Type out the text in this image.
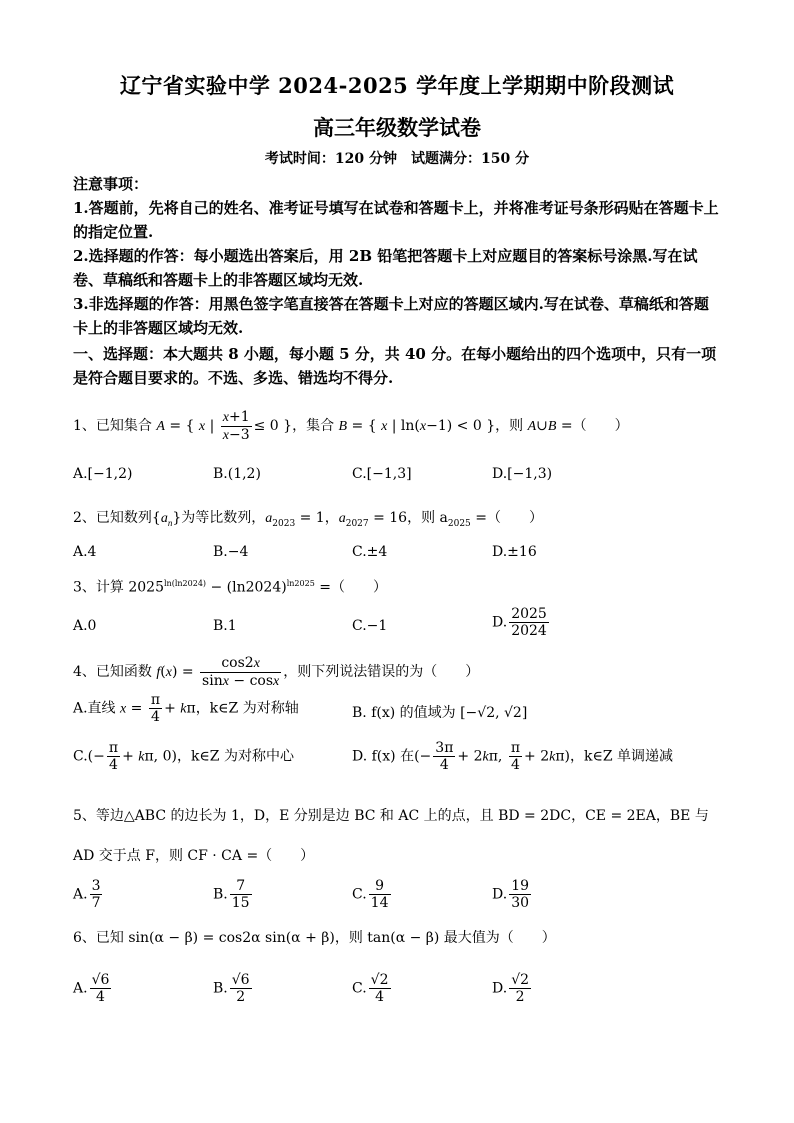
辽宁省实验中学 2024-2025 学年度上学期期中阶段测试
高三年级数学试卷
考试时间：120 分钟　试题满分：150 分
注意事项：
1.答题前，先将自己的姓名、准考证号填写在试卷和答题卡上，并将准考证号条形码贴在答题卡上的指定位置.
2.选择题的作答：每小题选出答案后，用 2B 铅笔把答题卡上对应题目的答案标号涂黑.写在试卷、草稿纸和答题卡上的非答题区域均无效.
3.非选择题的作答：用黑色签字笔直接答在答题卡上对应的答题区域内.写在试卷、草稿纸和答题卡上的非答题区域均无效.
一、选择题：本大题共 8 小题，每小题 5 分，共 40 分。在每小题给出的四个选项中，只有一项是符合题目要求的。不选、多选、错选均不得分.
1、已知集合 A = { x | $\frac{x+1}{x-3} \le 0$ }，集合 B = { x | ln(x−1) < 0 }，则 A∪B =（　　）
A.[−1,2)	B.(1,2)	C.[−1,3]	D.[−1,3)
2、已知数列$\{a_n\}$为等比数列，$a_{2023} = 1$，$a_{2027} = 16$，则 $a_{2025}$ =（　　）
A.4	B.−4	C.±4	D.±16
3、计算 $2025^{ln(ln2024)} - (\ln 2024)^{ln2025}$ =（　　）
A.0	B.1	C.−1	D. $\frac{2025}{2024}$
4、已知函数 $f(x) = \frac{\cos 2x}{\sin x - \cos x}$ ，则下列说法错误的为（　　）
A.直线 $x = \frac{\pi}{4} + k\pi$，k∈Z 为对称轴	B. f(x) 的值域为 [−√2, √2]
$C.(- \frac{\pi}{4} + k\pi$, 0)，k∈Z 为对称中心	D. f(x) 在(− $\frac{3\pi}{4} + 2k\pi$, $\frac{\pi}{4} + 2k\pi$)，k∈Z 单调递减
5、等边△ABC 的边长为 1，D，E 分别是边 BC 和 AC 上的点，且 BD = 2DC，CE = 2EA，BE 与
AD 交于点 F，则 CF · CA =（　　）
A. $\frac{3}{7}$	B. $\frac{7}{15}$	C. $\frac{9}{14}$	D. $\frac{19}{30}$
6、已知 sin(α − β) = cos2α sin(α + β)，则 tan(α − β) 最大值为（　　）
A. $\frac{√6}{4}$	B. $\frac{√6}{2}$	C. $\frac{√2}{4}$	D. $\frac{√2}{2}$
